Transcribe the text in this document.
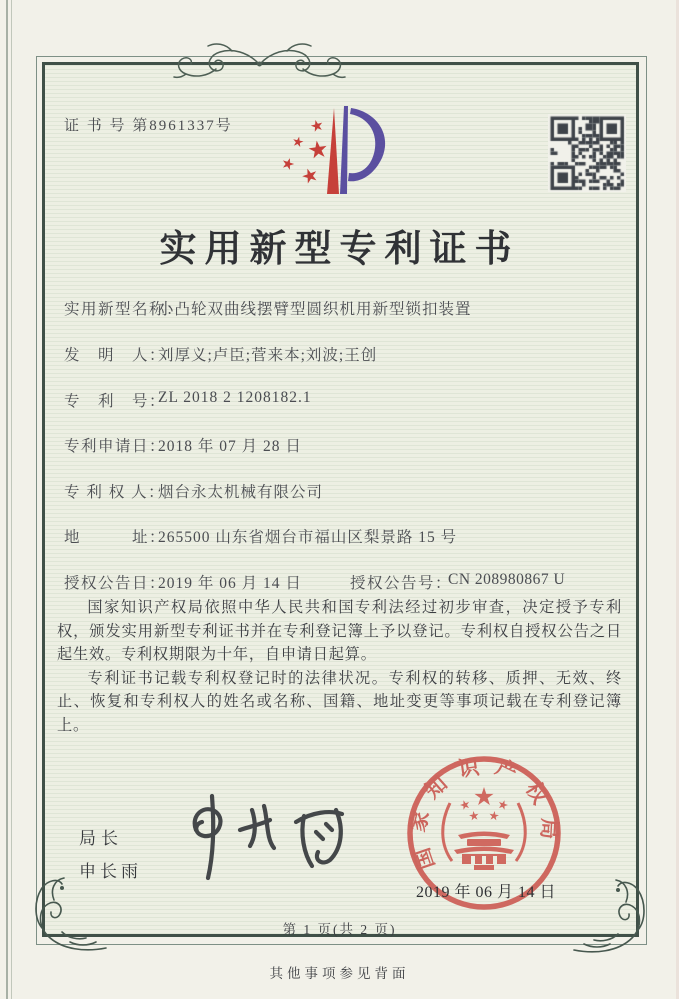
证 书 号 第8961337号
实用新型专利证书
实用新型名称：
小凸轮双曲线摆臂型圆织机用新型锁扣装置
发　明　人：
刘厚义;卢臣;菅来本;刘波;王创
专　利　号：
ZL 2018 2 1208182.1
专利申请日：
2018 年 07 月 28 日
专 利 权 人：
烟台永太机械有限公司
地　　　址：
265500 山东省烟台市福山区梨景路 15 号
授权公告日：
2019 年 06 月 14 日	授权公告号：
CN 208980867 U

国家知识产权局依照中华人民共和国专利法经过初步审查，决定授予专利权，颁发实用新型专利证书并在专利登记簿上予以登记。专利权自授权公告之日起生效。专利权期限为十年，自申请日起算。

专利证书记载专利权登记时的法律状况。专利权的转移、质押、无效、终止、恢复和专利权人的姓名或名称、国籍、地址变更等事项记载在专利登记簿上。

局长
申长雨	国家知识产权局
2019 年 06 月 14 日
第 1 页(共 2 页)
其他事项参见背面
